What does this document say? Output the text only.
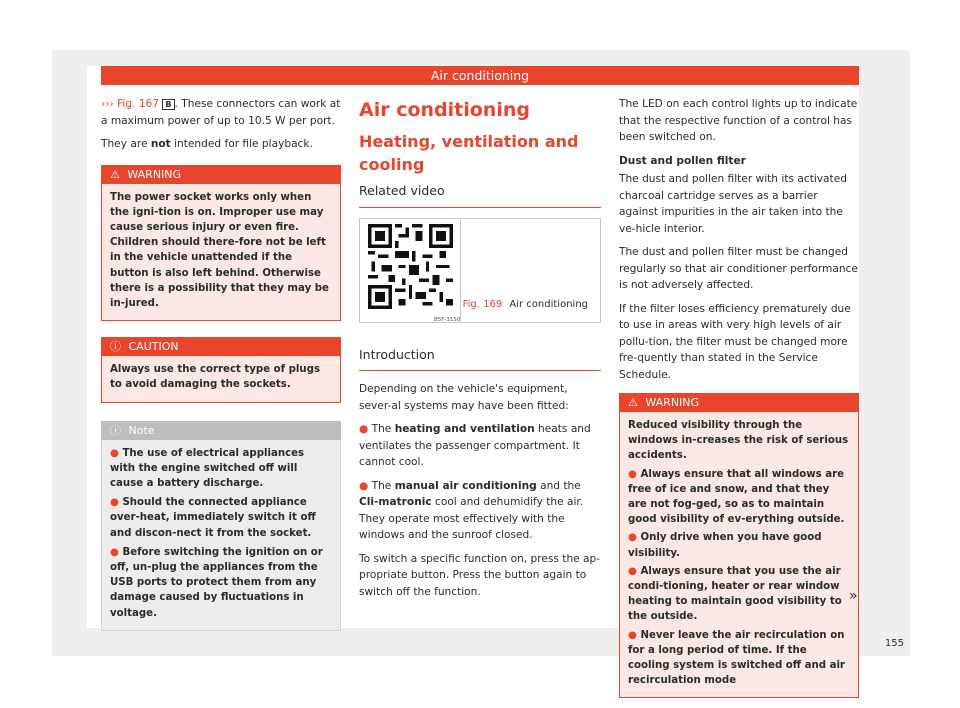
Air conditioning

››› Fig. 167 B . These connectors can work at a maximum power of up to 10.5 W per port.

They are not intended for file playback.

⚠ WARNING
The power socket works only when the igni-tion is on. Improper use may cause serious injury or even fire. Children should there-fore not be left in the vehicle unattended if the button is also left behind. Otherwise there is a possibility that they may be in-jured.
ⓘ CAUTION
Always use the correct type of plugs to avoid damaging the sockets.
ⓘ Note
● The use of electrical appliances with the engine switched off will cause a battery discharge.
● Should the connected appliance over-heat, immediately switch it off and discon-nect it from the socket.
● Before switching the ignition on or off, un-plug the appliances from the USB ports to protect them from any damage caused by fluctuations in voltage.
Air conditioning
Heating, ventilation and cooling
Related video
B5F-1150
Fig. 169 Air conditioning
Introduction

Depending on the vehicle's equipment, sever-al systems may have been fitted:

● The heating and ventilation heats and ventilates the passenger compartment. It cannot cool.

● The manual air conditioning and the Cli-matronic cool and dehumidify the air. They operate most effectively with the windows and the sunroof closed.

To switch a specific function on, press the ap-propriate button. Press the button again to switch off the function.

The LED on each control lights up to indicate that the respective function of a control has been switched on.

Dust and pollen filter

The dust and pollen filter with its activated charcoal cartridge serves as a barrier against impurities in the air taken into the ve-hicle interior.

The dust and pollen filter must be changed regularly so that air conditioner performance is not adversely affected.

If the filter loses efficiency prematurely due to use in areas with very high levels of air pollu-tion, the filter must be changed more fre-quently than stated in the Service Schedule.

⚠ WARNING
Reduced visibility through the windows in-creases the risk of serious accidents.
● Always ensure that all windows are free of ice and snow, and that they are not fog-ged, so as to maintain good visibility of ev-erything outside.
● Only drive when you have good visibility.
● Always ensure that you use the air condi-tioning, heater or rear window heating to maintain good visibility to the outside.
● Never leave the air recirculation on for a long period of time. If the cooling system is switched off and air recirculation mode
»
155
